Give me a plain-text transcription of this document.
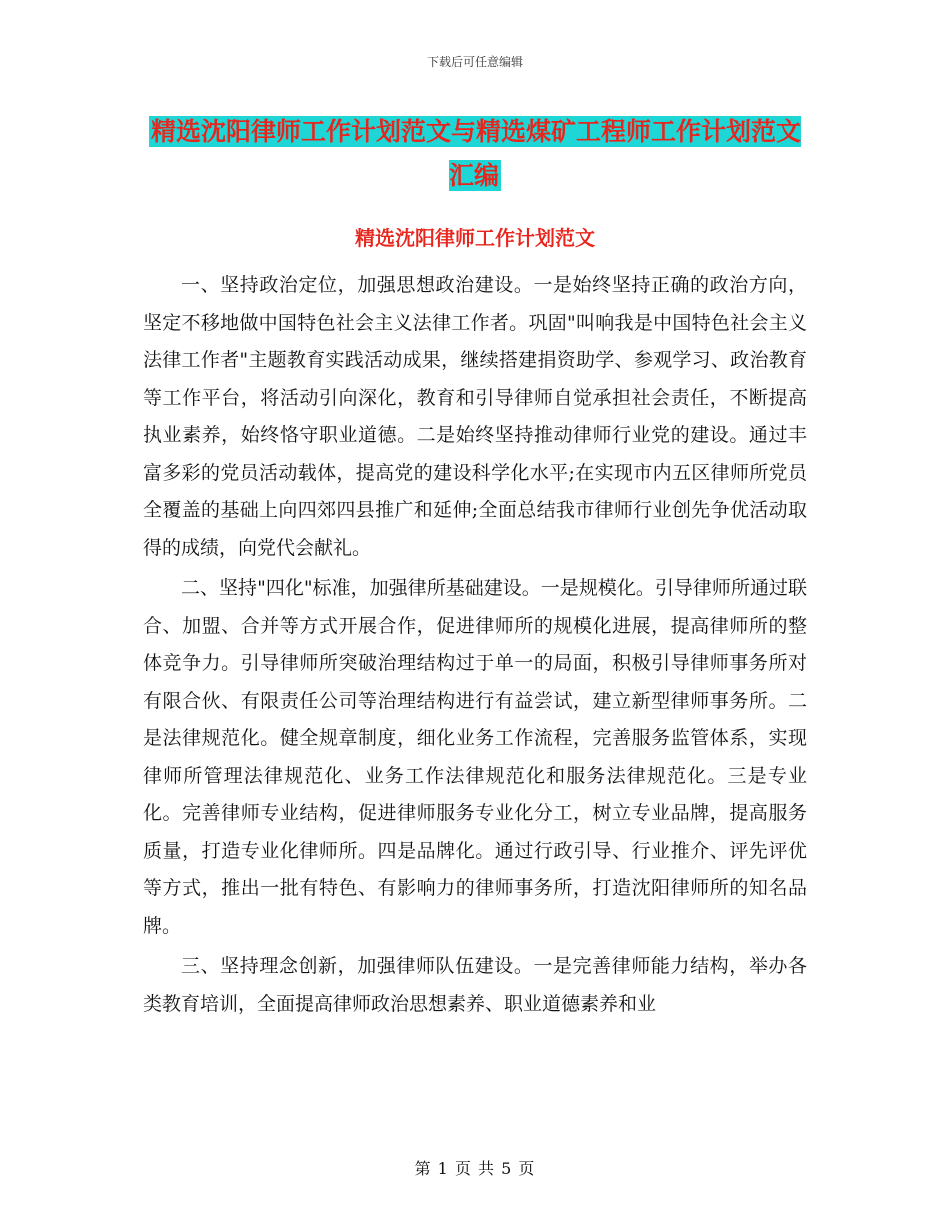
下载后可任意编辑
精选沈阳律师工作计划范文与精选煤矿工程师工作计划范文汇编
精选沈阳律师工作计划范文

一、坚持政治定位，加强思想政治建设。一是始终坚持正确的政治方向，坚定不移地做中国特色社会主义法律工作者。巩固"叫响我是中国特色社会主义法律工作者"主题教育实践活动成果，继续搭建捐资助学、参观学习、政治教育等工作平台，将活动引向深化，教育和引导律师自觉承担社会责任，不断提高执业素养，始终恪守职业道德。二是始终坚持推动律师行业党的建设。通过丰富多彩的党员活动载体，提高党的建设科学化水平;在实现市内五区律师所党员全覆盖的基础上向四郊四县推广和延伸;全面总结我市律师行业创先争优活动取得的成绩，向党代会献礼。

二、坚持"四化"标准，加强律所基础建设。一是规模化。引导律师所通过联合、加盟、合并等方式开展合作，促进律师所的规模化进展，提高律师所的整体竞争力。引导律师所突破治理结构过于单一的局面，积极引导律师事务所对有限合伙、有限责任公司等治理结构进行有益尝试，建立新型律师事务所。二是法律规范化。健全规章制度，细化业务工作流程，完善服务监管体系，实现律师所管理法律规范化、业务工作法律规范化和服务法律规范化。三是专业化。完善律师专业结构，促进律师服务专业化分工，树立专业品牌，提高服务质量，打造专业化律师所。四是品牌化。通过行政引导、行业推介、评先评优等方式，推出一批有特色、有影响力的律师事务所，打造沈阳律师所的知名品牌。

三、坚持理念创新，加强律师队伍建设。一是完善律师能力结构，举办各类教育培训，全面提高律师政治思想素养、职业道德素养和业

第 1 页 共 5 页
